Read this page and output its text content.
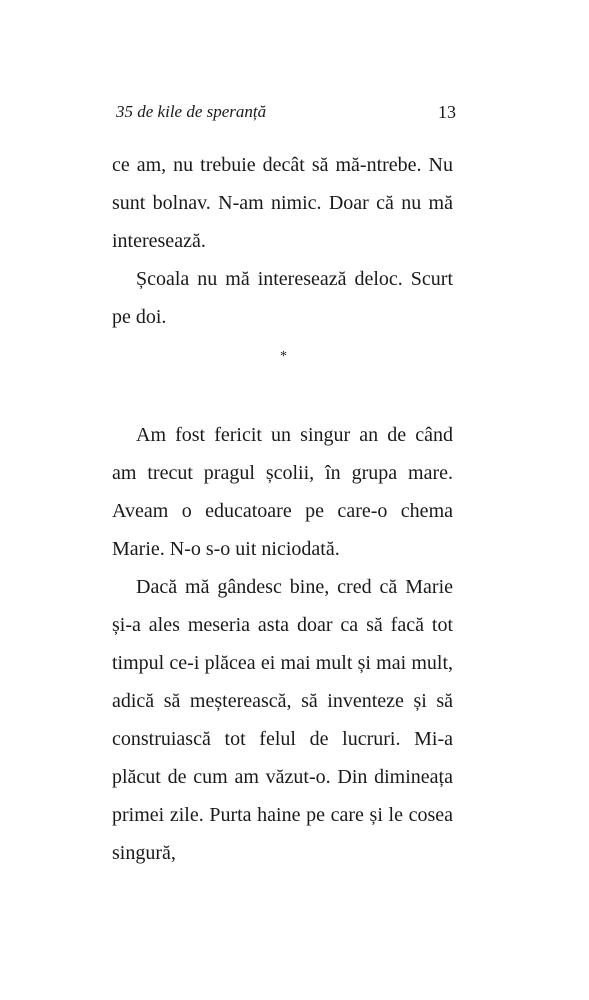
35 de kile de speranță	13

ce am, nu trebuie decât să mă-ntrebe. Nu sunt bolnav. N-am nimic. Doar că nu mă interesează.

Școala nu mă interesează deloc. Scurt pe doi.

*

Am fost fericit un singur an de când am trecut pragul școlii, în grupa mare. Aveam o educatoare pe care-o chema Marie. N-o s-o uit niciodată.

Dacă mă gândesc bine, cred că Marie și-a ales meseria asta doar ca să facă tot timpul ce-i plăcea ei mai mult și mai mult, adică să meșterească, să inventeze și să construiască tot felul de lucruri. Mi-a plăcut de cum am văzut-o. Din dimineața primei zile. Purta haine pe care și le cosea singură,
